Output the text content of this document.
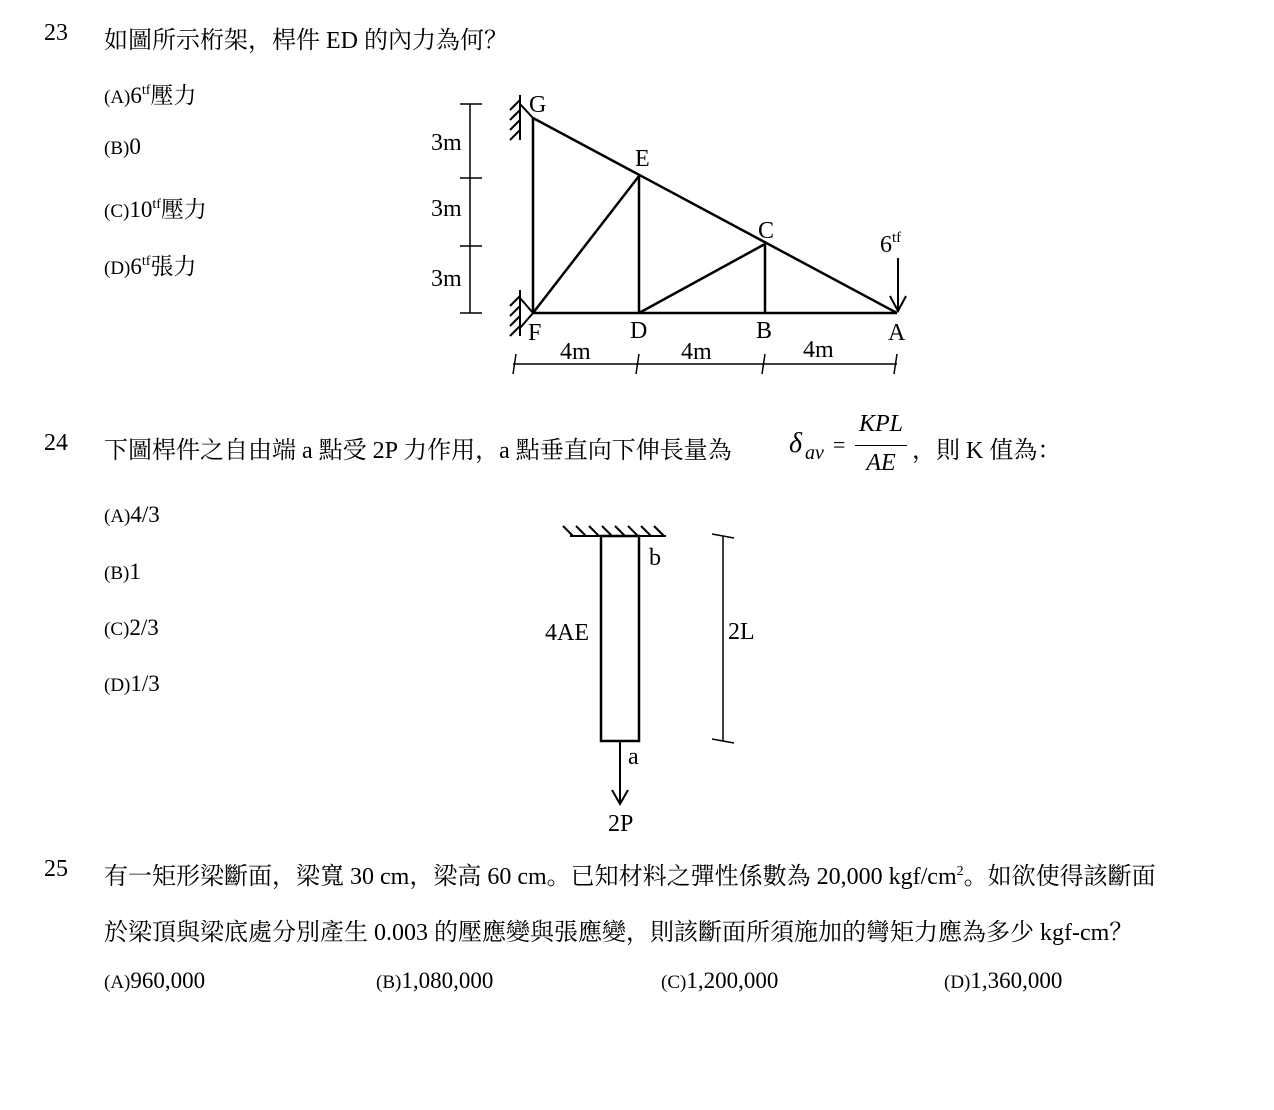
23 如圖所示桁架，桿件 ED 的內力為何？
$(A)6^{tf}$壓力
(B)0
$(C)10^{tf}$壓力
$(D)6^{tf}$張力
G
E
C
F	D	B	A
3m
3m
3m
4m	4m	4m
$6^{tf}$
24 下圖桿件之自由端 a 點受 2P 力作用，a 點垂直向下伸長量為 δ av =
KPL
AE ，則 K 值為：
(A)4/3
(B)1
(C)2/3
(D)1/3
b
a
4AE	2L
2P
25 有一矩形梁斷面，梁寬 30 cm，梁高 60 cm。已知材料之彈性係數為 20,000 kgf/$cm^2$。如欲使得該斷面
於梁頂與梁底處分別產生 0.003 的壓應變與張應變，則該斷面所須施加的彎矩力應為多少 kgf-cm？
(A)960,000	(B)1,080,000	(C)1,200,000	(D)1,360,000
